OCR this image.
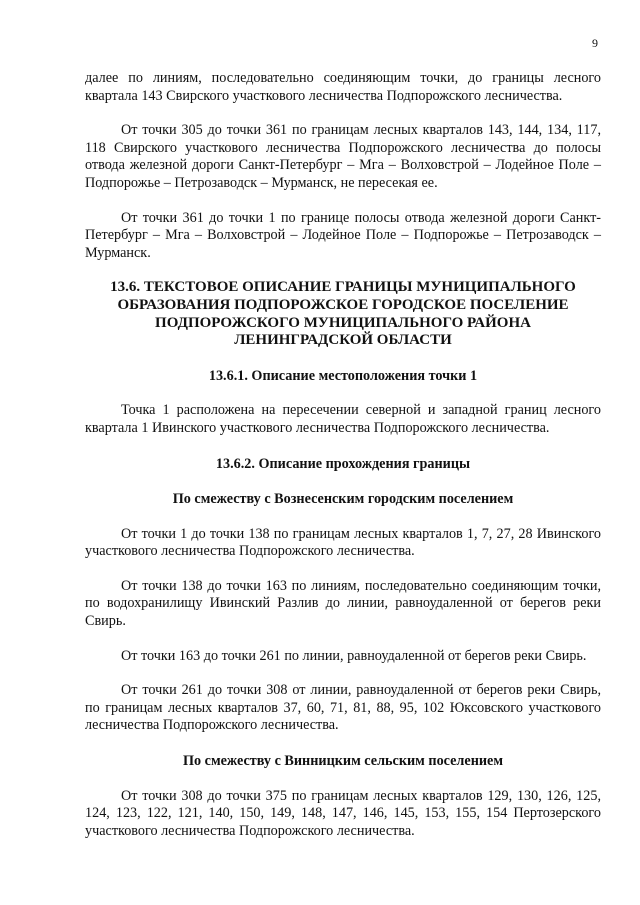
9

далее по линиям, последовательно соединяющим точки, до границы лесного квартала 143 Свирского участкового лесничества Подпорожского лесничества.

От точки 305 до точки 361 по границам лесных кварталов 143, 144, 134, 117, 118 Свирского участкового лесничества Подпорожского лесничества до полосы отвода железной дороги Санкт-Петербург – Мга – Волховстрой – Лодейное Поле – Подпорожье – Петрозаводск – Мурманск, не пересекая ее.

От точки 361 до точки 1 по границе полосы отвода железной дороги Санкт-Петербург – Мга – Волховстрой – Лодейное Поле – Подпорожье – Петрозаводск – Мурманск.

13.6. ТЕКСТОВОЕ ОПИСАНИЕ ГРАНИЦЫ МУНИЦИПАЛЬНОГО ОБРАЗОВАНИЯ ПОДПОРОЖСКОЕ ГОРОДСКОЕ ПОСЕЛЕНИЕ ПОДПОРОЖСКОГО МУНИЦИПАЛЬНОГО РАЙОНА ЛЕНИНГРАДСКОЙ ОБЛАСТИ

13.6.1. Описание местоположения точки 1

Точка 1 расположена на пересечении северной и западной границ лесного квартала 1 Ивинского участкового лесничества Подпорожского лесничества.

13.6.2. Описание прохождения границы

По смежеству с Вознесенским городским поселением

От точки 1 до точки 138 по границам лесных кварталов 1, 7, 27, 28 Ивинского участкового лесничества Подпорожского лесничества.

От точки 138 до точки 163 по линиям, последовательно соединяющим точки, по водохранилищу Ивинский Разлив до линии, равноудаленной от берегов реки Свирь.

От точки 163 до точки 261 по линии, равноудаленной от берегов реки Свирь.

От точки 261 до точки 308 от линии, равноудаленной от берегов реки Свирь, по границам лесных кварталов 37, 60, 71, 81, 88, 95, 102 Юксовского участкового лесничества Подпорожского лесничества.

По смежеству с Винницким сельским поселением

От точки 308 до точки 375 по границам лесных кварталов 129, 130, 126, 125, 124, 123, 122, 121, 140, 150, 149, 148, 147, 146, 145, 153, 155, 154 Пертозерского участкового лесничества Подпорожского лесничества.
